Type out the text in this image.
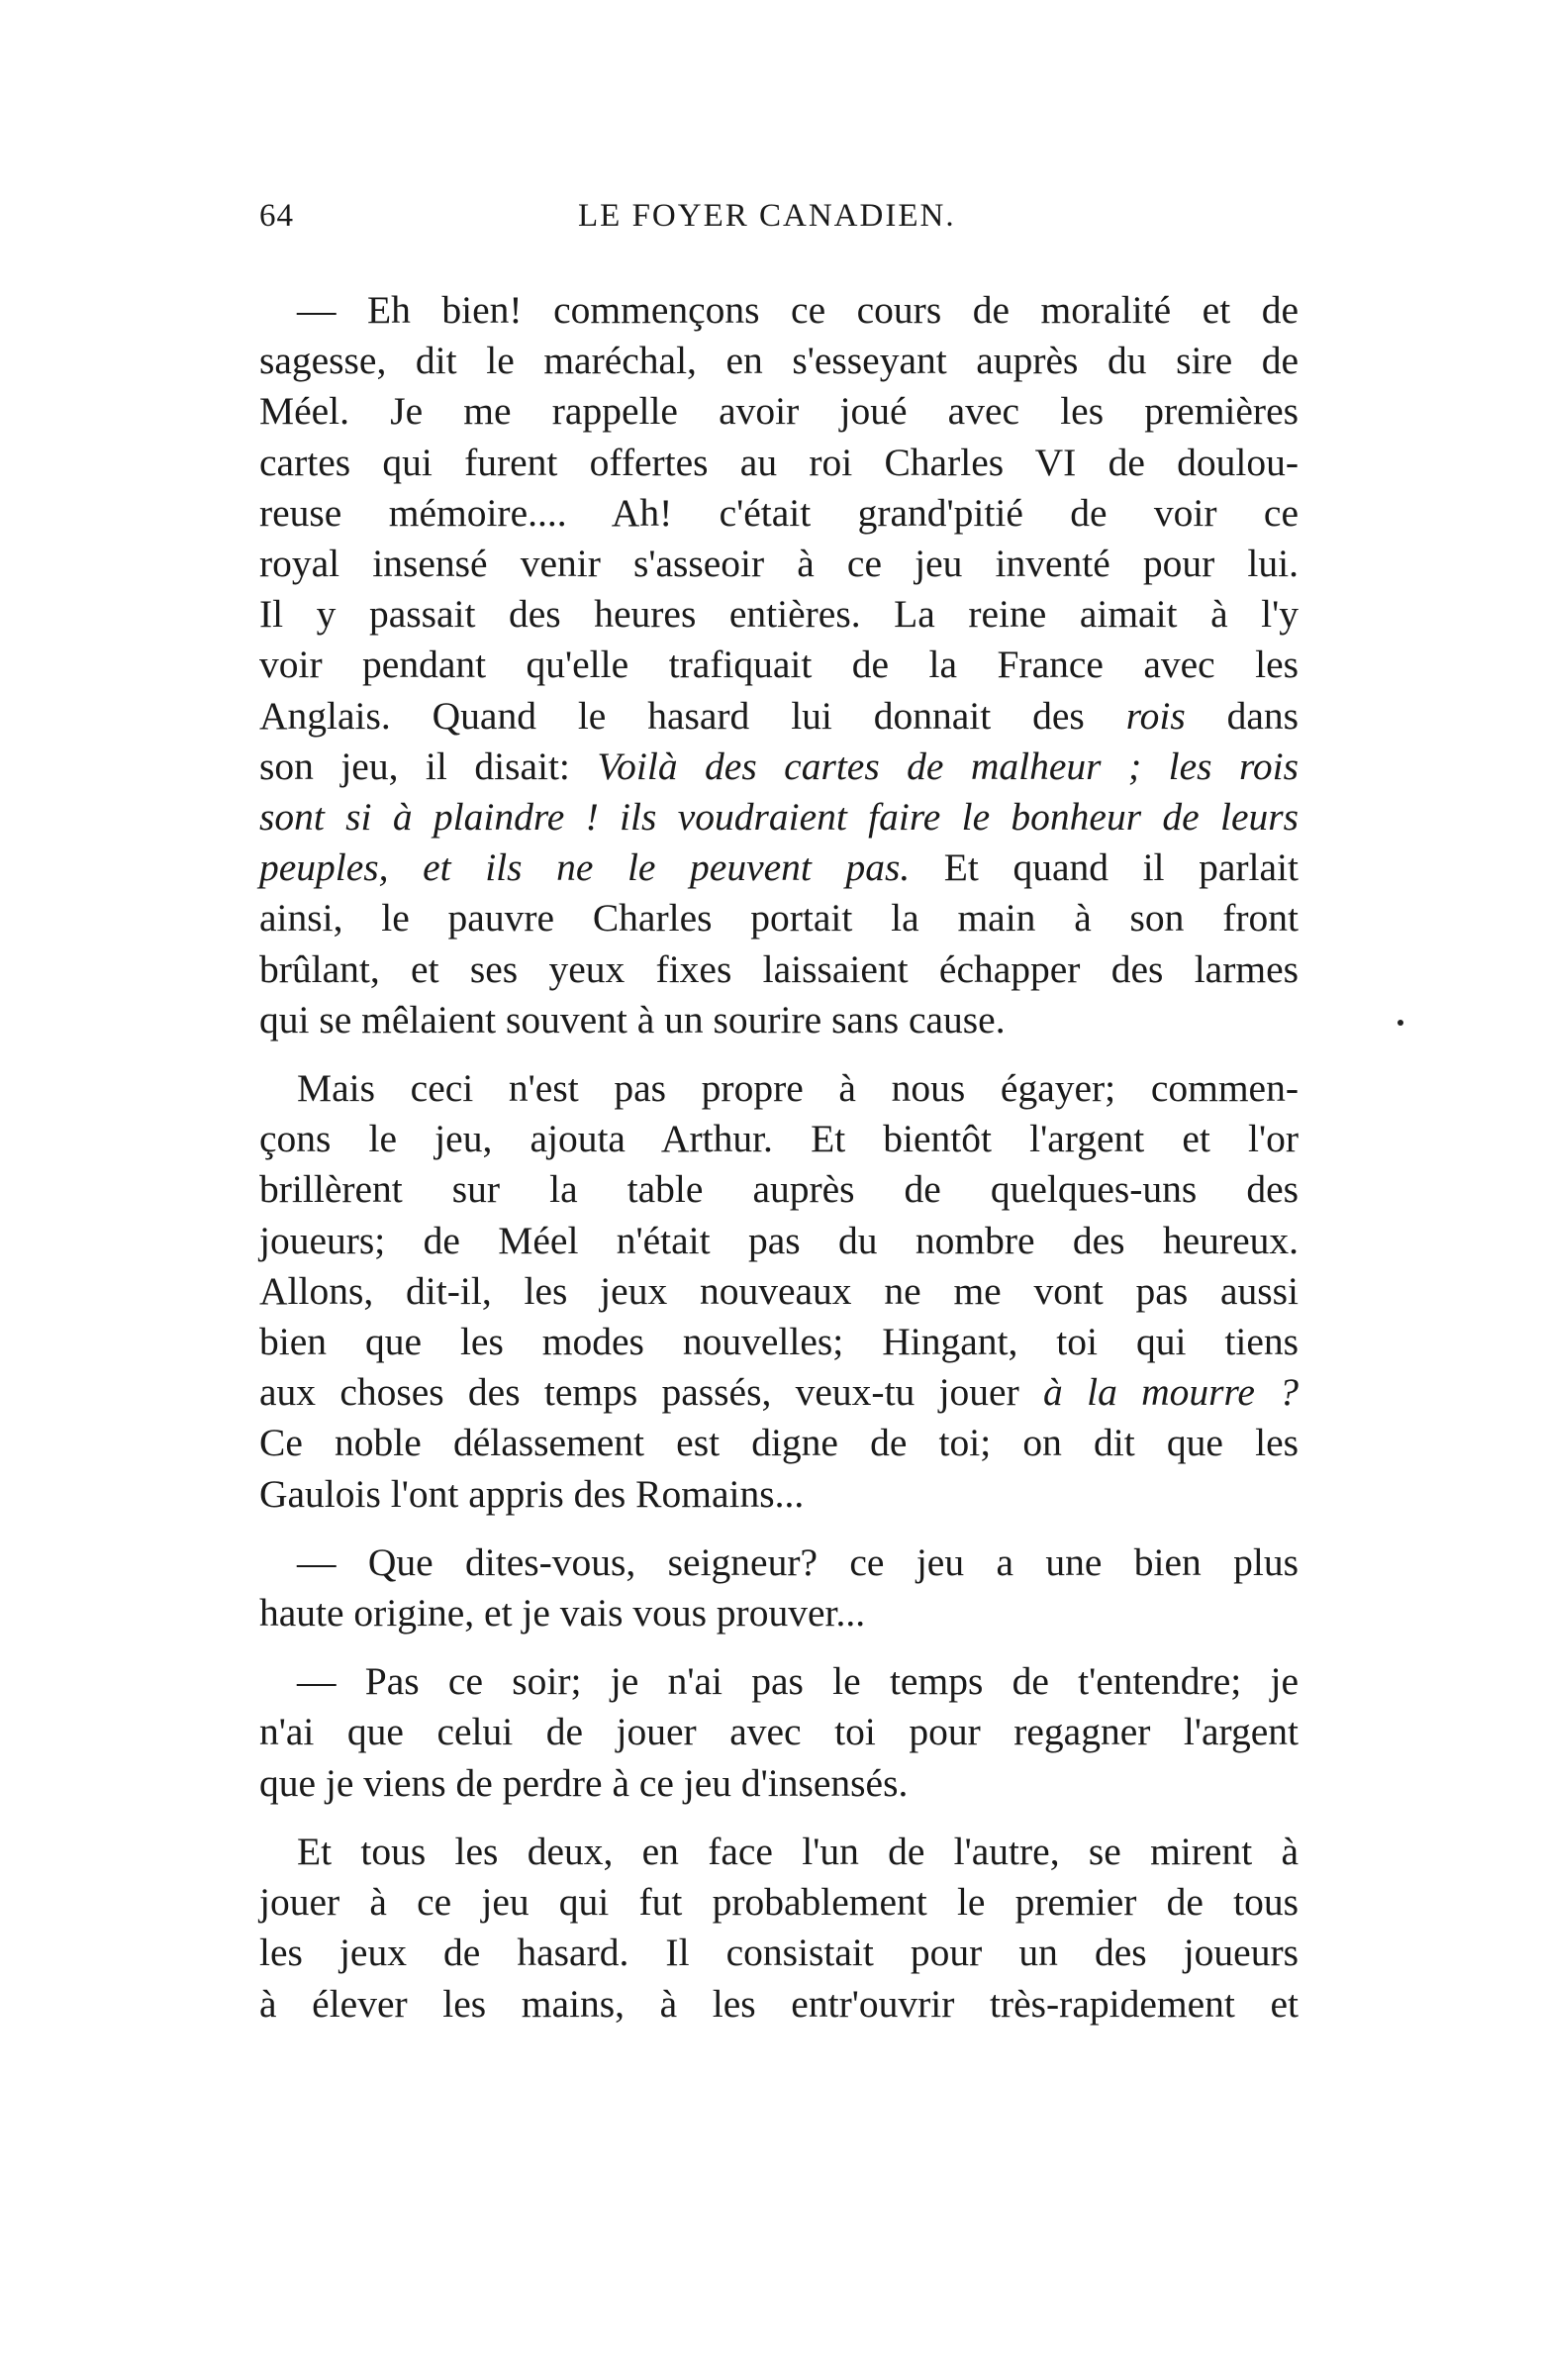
64	LE FOYER CANADIEN.
— Eh bien! commençons ce cours de moralité et de
sagesse, dit le maréchal, en s'esseyant auprès du sire de
Méel. Je me rappelle avoir joué avec les premières
cartes qui furent offertes au roi Charles VI de doulou-
reuse mémoire.... Ah! c'était grand'pitié de voir ce
royal insensé venir s'asseoir à ce jeu inventé pour lui.
Il y passait des heures entières. La reine aimait à l'y
voir pendant qu'elle trafiquait de la France avec les
Anglais. Quand le hasard lui donnait des rois dans
son jeu, il disait: Voilà des cartes de malheur ; les rois
sont si à plaindre ! ils voudraient faire le bonheur de leurs
peuples, et ils ne le peuvent pas. Et quand il parlait
ainsi, le pauvre Charles portait la main à son front
brûlant, et ses yeux fixes laissaient échapper des larmes
qui se mêlaient souvent à un sourire sans cause.
Mais ceci n'est pas propre à nous égayer; commen-
çons le jeu, ajouta Arthur. Et bientôt l'argent et l'or
brillèrent sur la table auprès de quelques-uns des
joueurs; de Méel n'était pas du nombre des heureux.
Allons, dit-il, les jeux nouveaux ne me vont pas aussi
bien que les modes nouvelles; Hingant, toi qui tiens
aux choses des temps passés, veux-tu jouer à la mourre ?
Ce noble délassement est digne de toi; on dit que les
Gaulois l'ont appris des Romains...
— Que dites-vous, seigneur? ce jeu a une bien plus
haute origine, et je vais vous prouver...
— Pas ce soir; je n'ai pas le temps de t'entendre; je
n'ai que celui de jouer avec toi pour regagner l'argent
que je viens de perdre à ce jeu d'insensés.
Et tous les deux, en face l'un de l'autre, se mirent à
jouer à ce jeu qui fut probablement le premier de tous
les jeux de hasard. Il consistait pour un des joueurs
à élever les mains, à les entr'ouvrir très-rapidement et
